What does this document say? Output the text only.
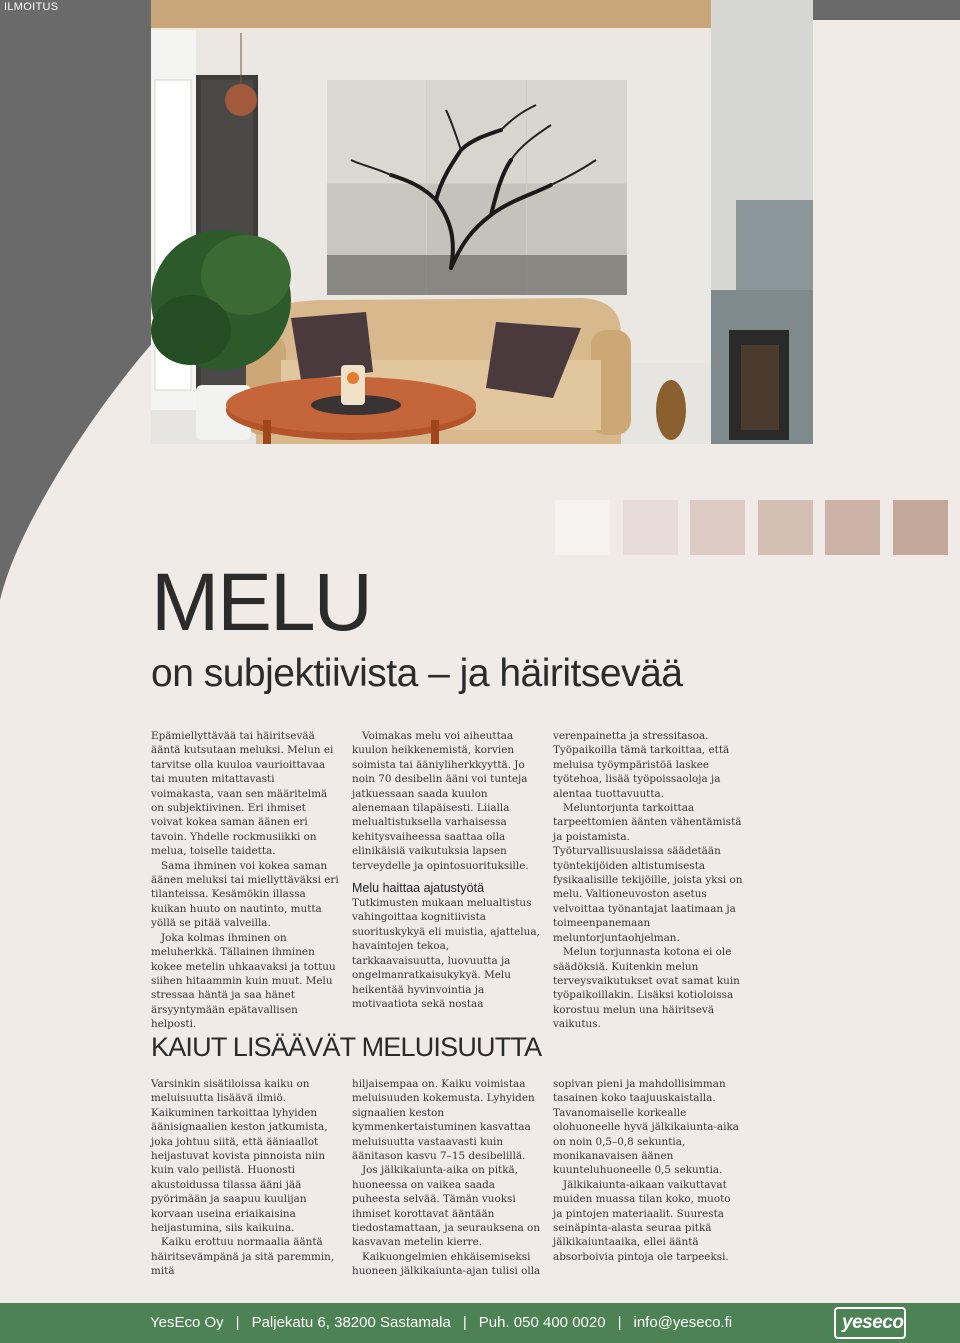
ILMOITUS
MELU
on subjektiivista – ja häiritsevää

Epämiellyttävää tai häiritsevää ääntä kutsutaan meluksi. Melun ei tarvitse olla kuuloa vaurioittavaa tai muuten mitattavasti voimakasta, vaan sen määritelmä on subjektiivinen. Eri ihmiset voivat kokea saman äänen eri tavoin. Yhdelle rockmusiikki on melua, toiselle taidetta.

Sama ihminen voi kokea saman äänen meluksi tai miellyttäväksi eri tilanteissa. Kesämökin illassa kuikan huuto on nautinto, mutta yöllä se pitää valveilla.

Joka kolmas ihminen on meluherkkä. Tällainen ihminen kokee metelin uhkaavaksi ja tottuu siihen hitaammin kuin muut. Melu stressaa häntä ja saa hänet ärsyyntymään epätavallisen helposti.

Voimakas melu voi aiheuttaa kuulon heikkenemistä, korvien soimista tai ääniyliherkkyyttä. Jo noin 70 desibelin ääni voi tunteja jatkuessaan saada kuulon alenemaan tilapäisesti. Liialla melualtistuksella varhaisessa kehitysvaiheessa saattaa olla elinikäisiä vaikutuksia lapsen terveydelle ja opintosuorituksille.

Melu haittaa ajatustyötä

Tutkimusten mukaan melualtistus vahingoittaa kognitiivista suorituskykyä eli muistia, ajattelua, havaintojen tekoa, tarkkaavaisuutta, luovuutta ja ongelmanratkaisukykyä. Melu heikentää hyvinvointia ja motivaatiota sekä nostaa

verenpainetta ja stressitasoa. Työpaikoilla tämä tarkoittaa, että meluisa työympäristöä laskee työtehoa, lisää työpoissaoloja ja alentaa tuottavuutta.

Meluntorjunta tarkoittaa tarpeettomien äänten vähentämistä ja poistamista. Työturvallisuuslaissa säädetään työntekijöiden altistumisesta fysikaalisille tekijöille, joista yksi on melu. Valtioneuvoston asetus velvoittaa työnantajat laatimaan ja toimeenpanemaan meluntorjuntaohjelman.

Melun torjunnasta kotona ei ole säädöksiä. Kuitenkin melun terveysvaikutukset ovat samat kuin työpaikoillakin. Lisäksi kotioloissa korostuu melun una häiritsevä vaikutus.

KAIUT LISÄÄVÄT MELUISUUTTA

Varsinkin sisätiloissa kaiku on meluisuutta lisäävä ilmiö. Kaikuminen tarkoittaa lyhyiden äänisignaalien keston jatkumista, joka johtuu siitä, että ääniaallot heijastuvat kovista pinnoista niin kuin valo peilistä. Huonosti akustoidussa tilassa ääni jää pyörimään ja saapuu kuulijan korvaan useina eriaikaisina heijastumina, siis kaikuina.

Kaiku erottuu normaalia ääntä häiritsevämpänä ja sitä paremmin, mitä

hiljaisempaa on. Kaiku voimistaa meluisuuden kokemusta. Lyhyiden signaalien keston kymmenkertaistuminen kasvattaa meluisuutta vastaavasti kuin äänitason kasvu 7–15 desibelillä.

Jos jälkikaiunta-aika on pitkä, huoneessa on vaikea saada puheesta selvää. Tämän vuoksi ihmiset korottavat ääntään tiedostamattaan, ja seurauksena on kasvavan metelin kierre.

Kaikuongelmien ehkäisemiseksi huoneen jälkikaiunta-ajan tulisi olla

sopivan pieni ja mahdollisimman tasainen koko taajuuskaistalla. Tavanomaiselle korkealle olohuoneelle hyvä jälkikaiunta-aika on noin 0,5–0,8 sekuntia, monikanavaisen äänen kuunteluhuoneelle 0,5 sekuntia.

Jälkikaiunta-aikaan vaikuttavat muiden muassa tilan koko, muoto ja pintojen materiaalit. Suuresta seinäpinta-alasta seuraa pitkä jälkikaiuntaaika, ellei ääntä absorboivia pintoja ole tarpeeksi.

YesEco Oy | Paljekatu 6, 38200 Sastamala | Puh. 050 400 0020 | info@yeseco.fi	yeseco
